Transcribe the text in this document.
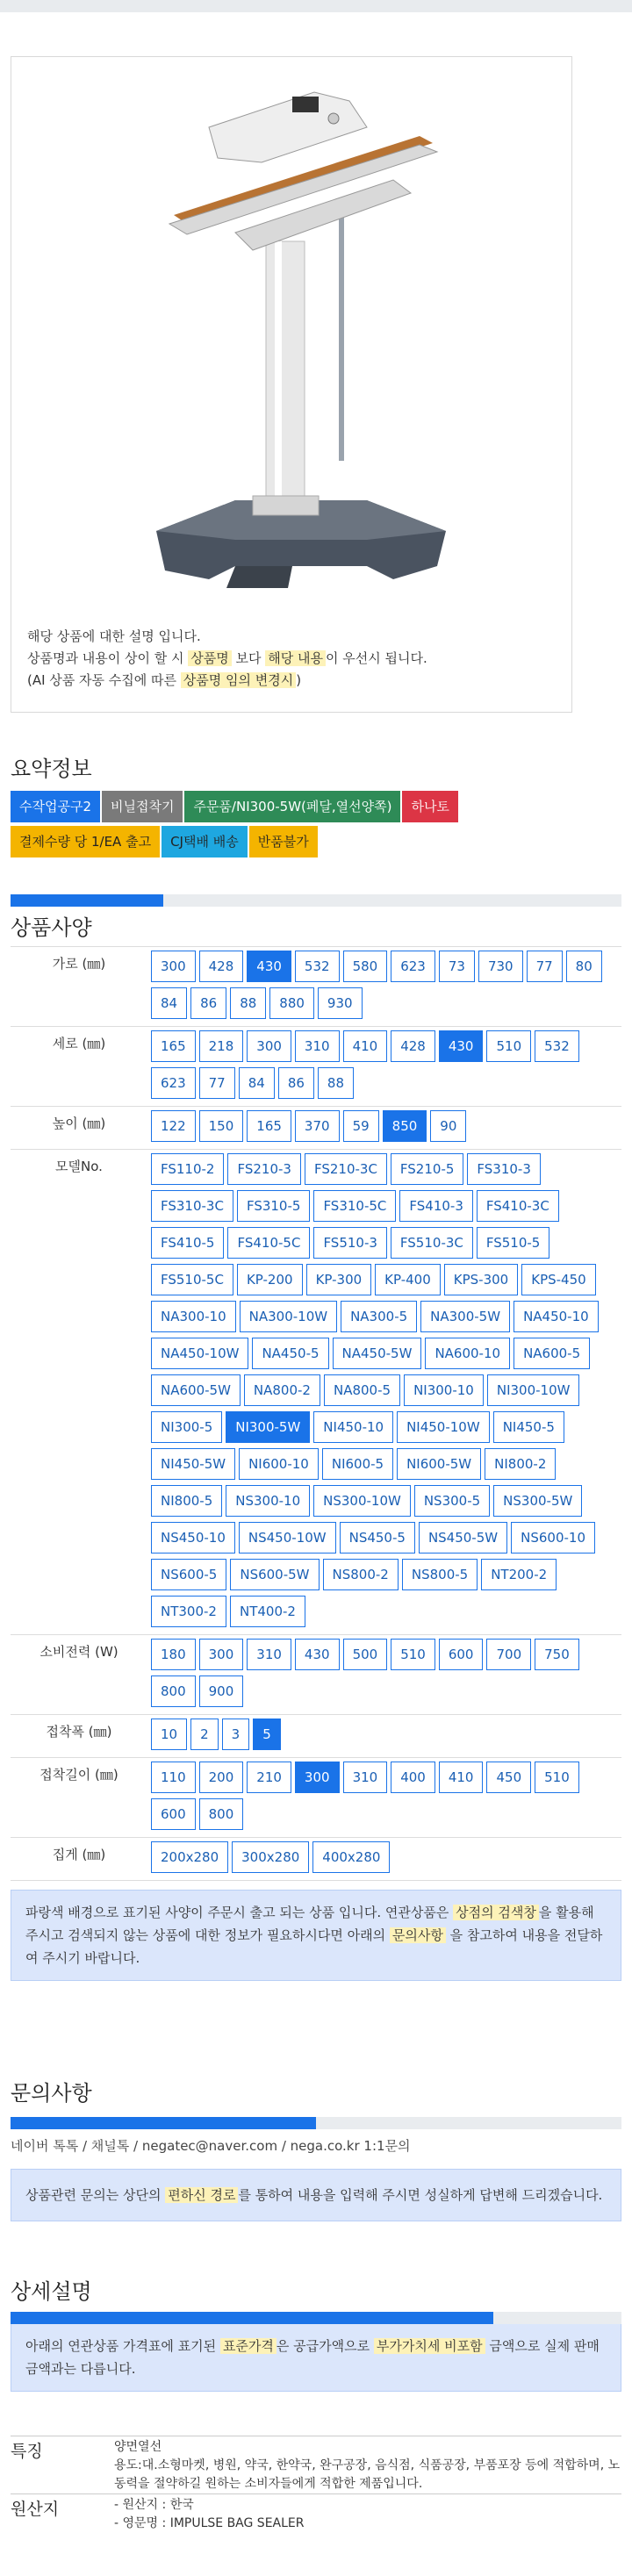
해당 상품에 대한 설명 입니다.
상품명과 내용이 상이 할 시 상품명 보다 해당 내용 이 우선시 됩니다.
(AI 상품 자동 수집에 따른 상품명 임의 변경시 )
요약정보
수작업공구2	비닐접착기	주문품/NI300-5W(페달,열선양쪽)	하나토
결제수량 당 1/EA 출고	CJ택배 배송	반품불가
상품사양
가로 (㎜)	300	428	430	532	580	623	73	730	77	80
84	86	88	880	930
세로 (㎜)	165	218	300	310	410	428	430	510	532
623	77	84	86	88
높이 (㎜)	122	150	165	370	59	850	90
모델No.	FS110-2	FS210-3	FS210-3C	FS210-5	FS310-3
FS310-3C	FS310-5	FS310-5C	FS410-3	FS410-3C
FS410-5	FS410-5C	FS510-3	FS510-3C	FS510-5
FS510-5C	KP-200	KP-300	KP-400	KPS-300	KPS-450
NA300-10	NA300-10W	NA300-5	NA300-5W	NA450-10
NA450-10W	NA450-5	NA450-5W	NA600-10	NA600-5
NA600-5W	NA800-2	NA800-5	NI300-10	NI300-10W
NI300-5	NI300-5W	NI450-10	NI450-10W	NI450-5
NI450-5W	NI600-10	NI600-5	NI600-5W	NI800-2
NI800-5	NS300-10	NS300-10W	NS300-5	NS300-5W
NS450-10	NS450-10W	NS450-5	NS450-5W	NS600-10
NS600-5	NS600-5W	NS800-2	NS800-5	NT200-2
NT300-2	NT400-2
소비전력 (W)	180	300	310	430	500	510	600	700	750
800	900
접착폭 (㎜)	10	2	3	5
접착길이 (㎜)	110	200	210	300	310	400	410	450	510
600	800
집게 (㎜)	200x280	300x280	400x280
파랑색 배경으로 표기된 사양이 주문시 출고 되는 상품 입니다. 연관상품은 상점의 검색창 을 활용해 주시고 검색되지 않는 상품에 대한 정보가 필요하시다면 아래의 문의사항 을 참고하여 내용을 전달하여 주시기 바랍니다.
문의사항
네이버 톡톡 / 채널톡 / negatec@naver.com / nega.co.kr 1:1문의
상품관련 문의는 상단의 편하신 경로 를 통하여 내용을 입력해 주시면 성실하게 답변해 드리겠습니다.
상세설명
아래의 연관상품 가격표에 표기된 표준가격 은 공급가액으로 부가가치세 비포함 금액으로 실제 판매금액과는 다릅니다.
특징	양면열선
용도:대.소형마켓, 병원, 약국, 한약국, 완구공장, 음식점, 식품공장, 부품포장 등에 적합하며, 노동력을 절약하길 원하는 소비자들에게 적합한 제품입니다.
원산지	- 원산지 : 한국
- 영문명 : IMPULSE BAG SEALER
